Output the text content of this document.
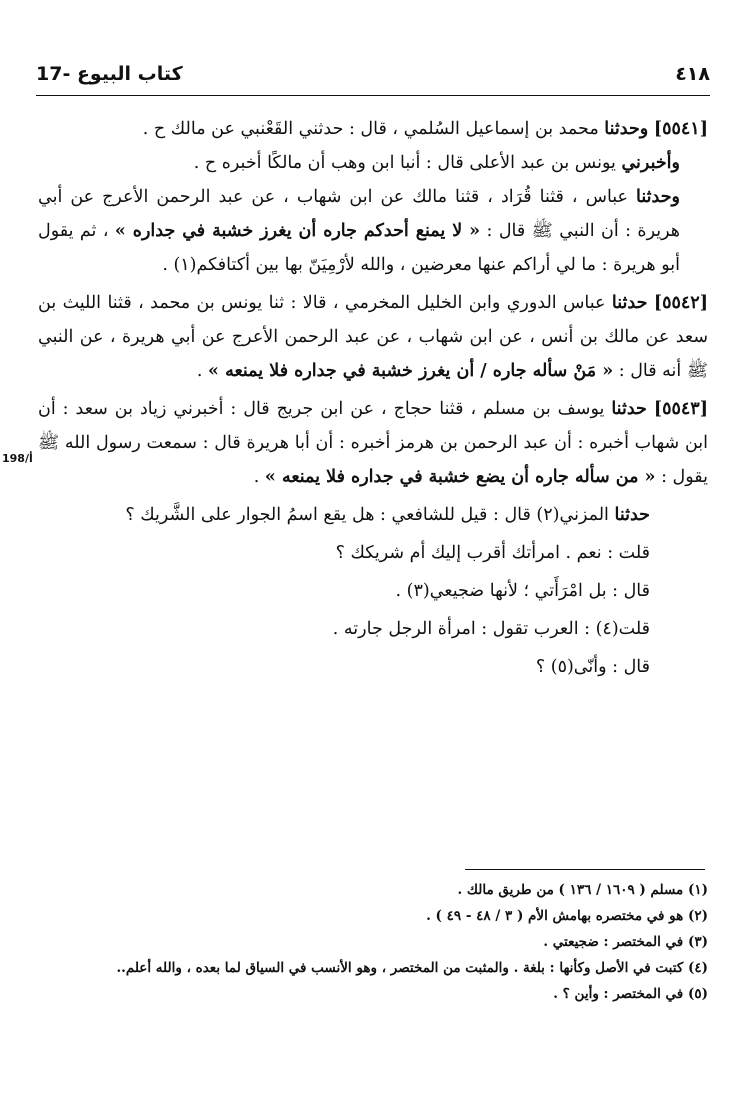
17- كتاب البيوع	٤١٨
198/أ

[٥٥٤١] وحدثنا محمد بن إسماعيل السُلمي ، قال : حدثني القَعْنبي عن مالك ح .

وأخبرني يونس بن عبد الأعلى قال : أنبا ابن وهب أن مالكًا أخبره ح .

وحدثنا عباس ، قثنا قُرَاد ، قثنا مالك عن ابن شهاب ، عن عبد الرحمن الأعرج عن أبي هريرة : أن النبي ﷺ قال : « لا يمنع أحدكم جاره أن يغرز خشبة في جداره » ، ثم يقول أبو هريرة : ما لي أراكم عنها معرضين ، والله لأرْمِيَنّ بها بين أكتافكم(١) .

[٥٥٤٢] حدثنا عباس الدوري وابن الخليل المخرمي ، قالا : ثنا يونس بن محمد ، قثنا الليث بن سعد عن مالك بن أنس ، عن ابن شهاب ، عن عبد الرحمن الأعرج عن أبي هريرة ، عن النبي ﷺ أنه قال : « مَنْ سأله جاره / أن يغرز خشبة في جداره فلا يمنعه » .

[٥٥٤٣] حدثنا يوسف بن مسلم ، قثنا حجاج ، عن ابن جريج قال : أخبرني زياد بن سعد : أن ابن شهاب أخبره : أن عبد الرحمن بن هرمز أخبره : أن أبا هريرة قال : سمعت رسول الله ﷺ يقول : « من سأله جاره أن يضع خشبة في جداره فلا يمنعه » .

حدثنا المزني(٢) قال : قيل للشافعي : هل يقع اسمُ الجوار على الشَّريك ؟

قلت : نعم . امرأتك أقرب إليك أم شريكك ؟

قال : بل امْرَأَتي ؛ لأنها ضجيعي(٣) .

قلت(٤) : العرب تقول : امرأة الرجل جارته .

قال : وأنّى(٥) ؟

(١) مسلم ( ١٦٠٩ / ١٣٦ ) من طريق مالك .
(٢) هو في مختصره بهامش الأم ( ٣ / ٤٨ - ٤٩ ) .
(٣) في المختصر : ضجيعتي .
(٤) كتبت في الأصل وكأنها : بلغة . والمثبت من المختصر ، وهو الأنسب في السياق لما بعده ، والله أعلم..
(٥) في المختصر : وأين ؟ .
